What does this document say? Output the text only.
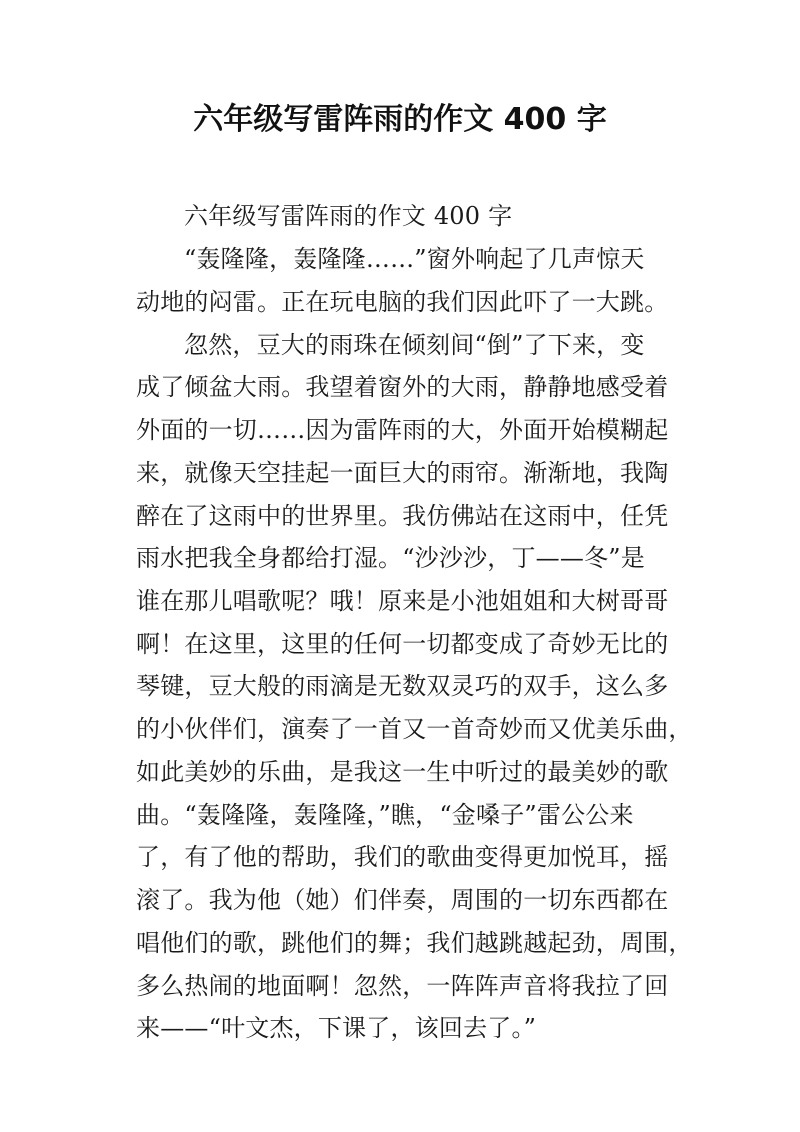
六年级写雷阵雨的作文 400 字
六年级写雷阵雨的作文 400 字
“轰隆隆，轰隆隆……”窗外响起了几声惊天
动地的闷雷。正在玩电脑的我们因此吓了一大跳。
忽然，豆大的雨珠在倾刻间“倒”了下来，变
成了倾盆大雨。我望着窗外的大雨，静静地感受着
外面的一切……因为雷阵雨的大，外面开始模糊起
来，就像天空挂起一面巨大的雨帘。渐渐地，我陶
醉在了这雨中的世界里。我仿佛站在这雨中，任凭
雨水把我全身都给打湿。“沙沙沙，丁——冬”是
谁在那儿唱歌呢？哦！原来是小池姐姐和大树哥哥
啊！在这里，这里的任何一切都变成了奇妙无比的
琴键，豆大般的雨滴是无数双灵巧的双手，这么多
的小伙伴们，演奏了一首又一首奇妙而又优美乐曲，
如此美妙的乐曲，是我这一生中听过的最美妙的歌
曲。“轰隆隆，轰隆隆，”瞧，“金嗓子”雷公公来
了，有了他的帮助，我们的歌曲变得更加悦耳，摇
滚了。我为他（她）们伴奏，周围的一切东西都在
唱他们的歌，跳他们的舞；我们越跳越起劲，周围，
多么热闹的地面啊！忽然，一阵阵声音将我拉了回
来——“叶文杰，下课了，该回去了。”
